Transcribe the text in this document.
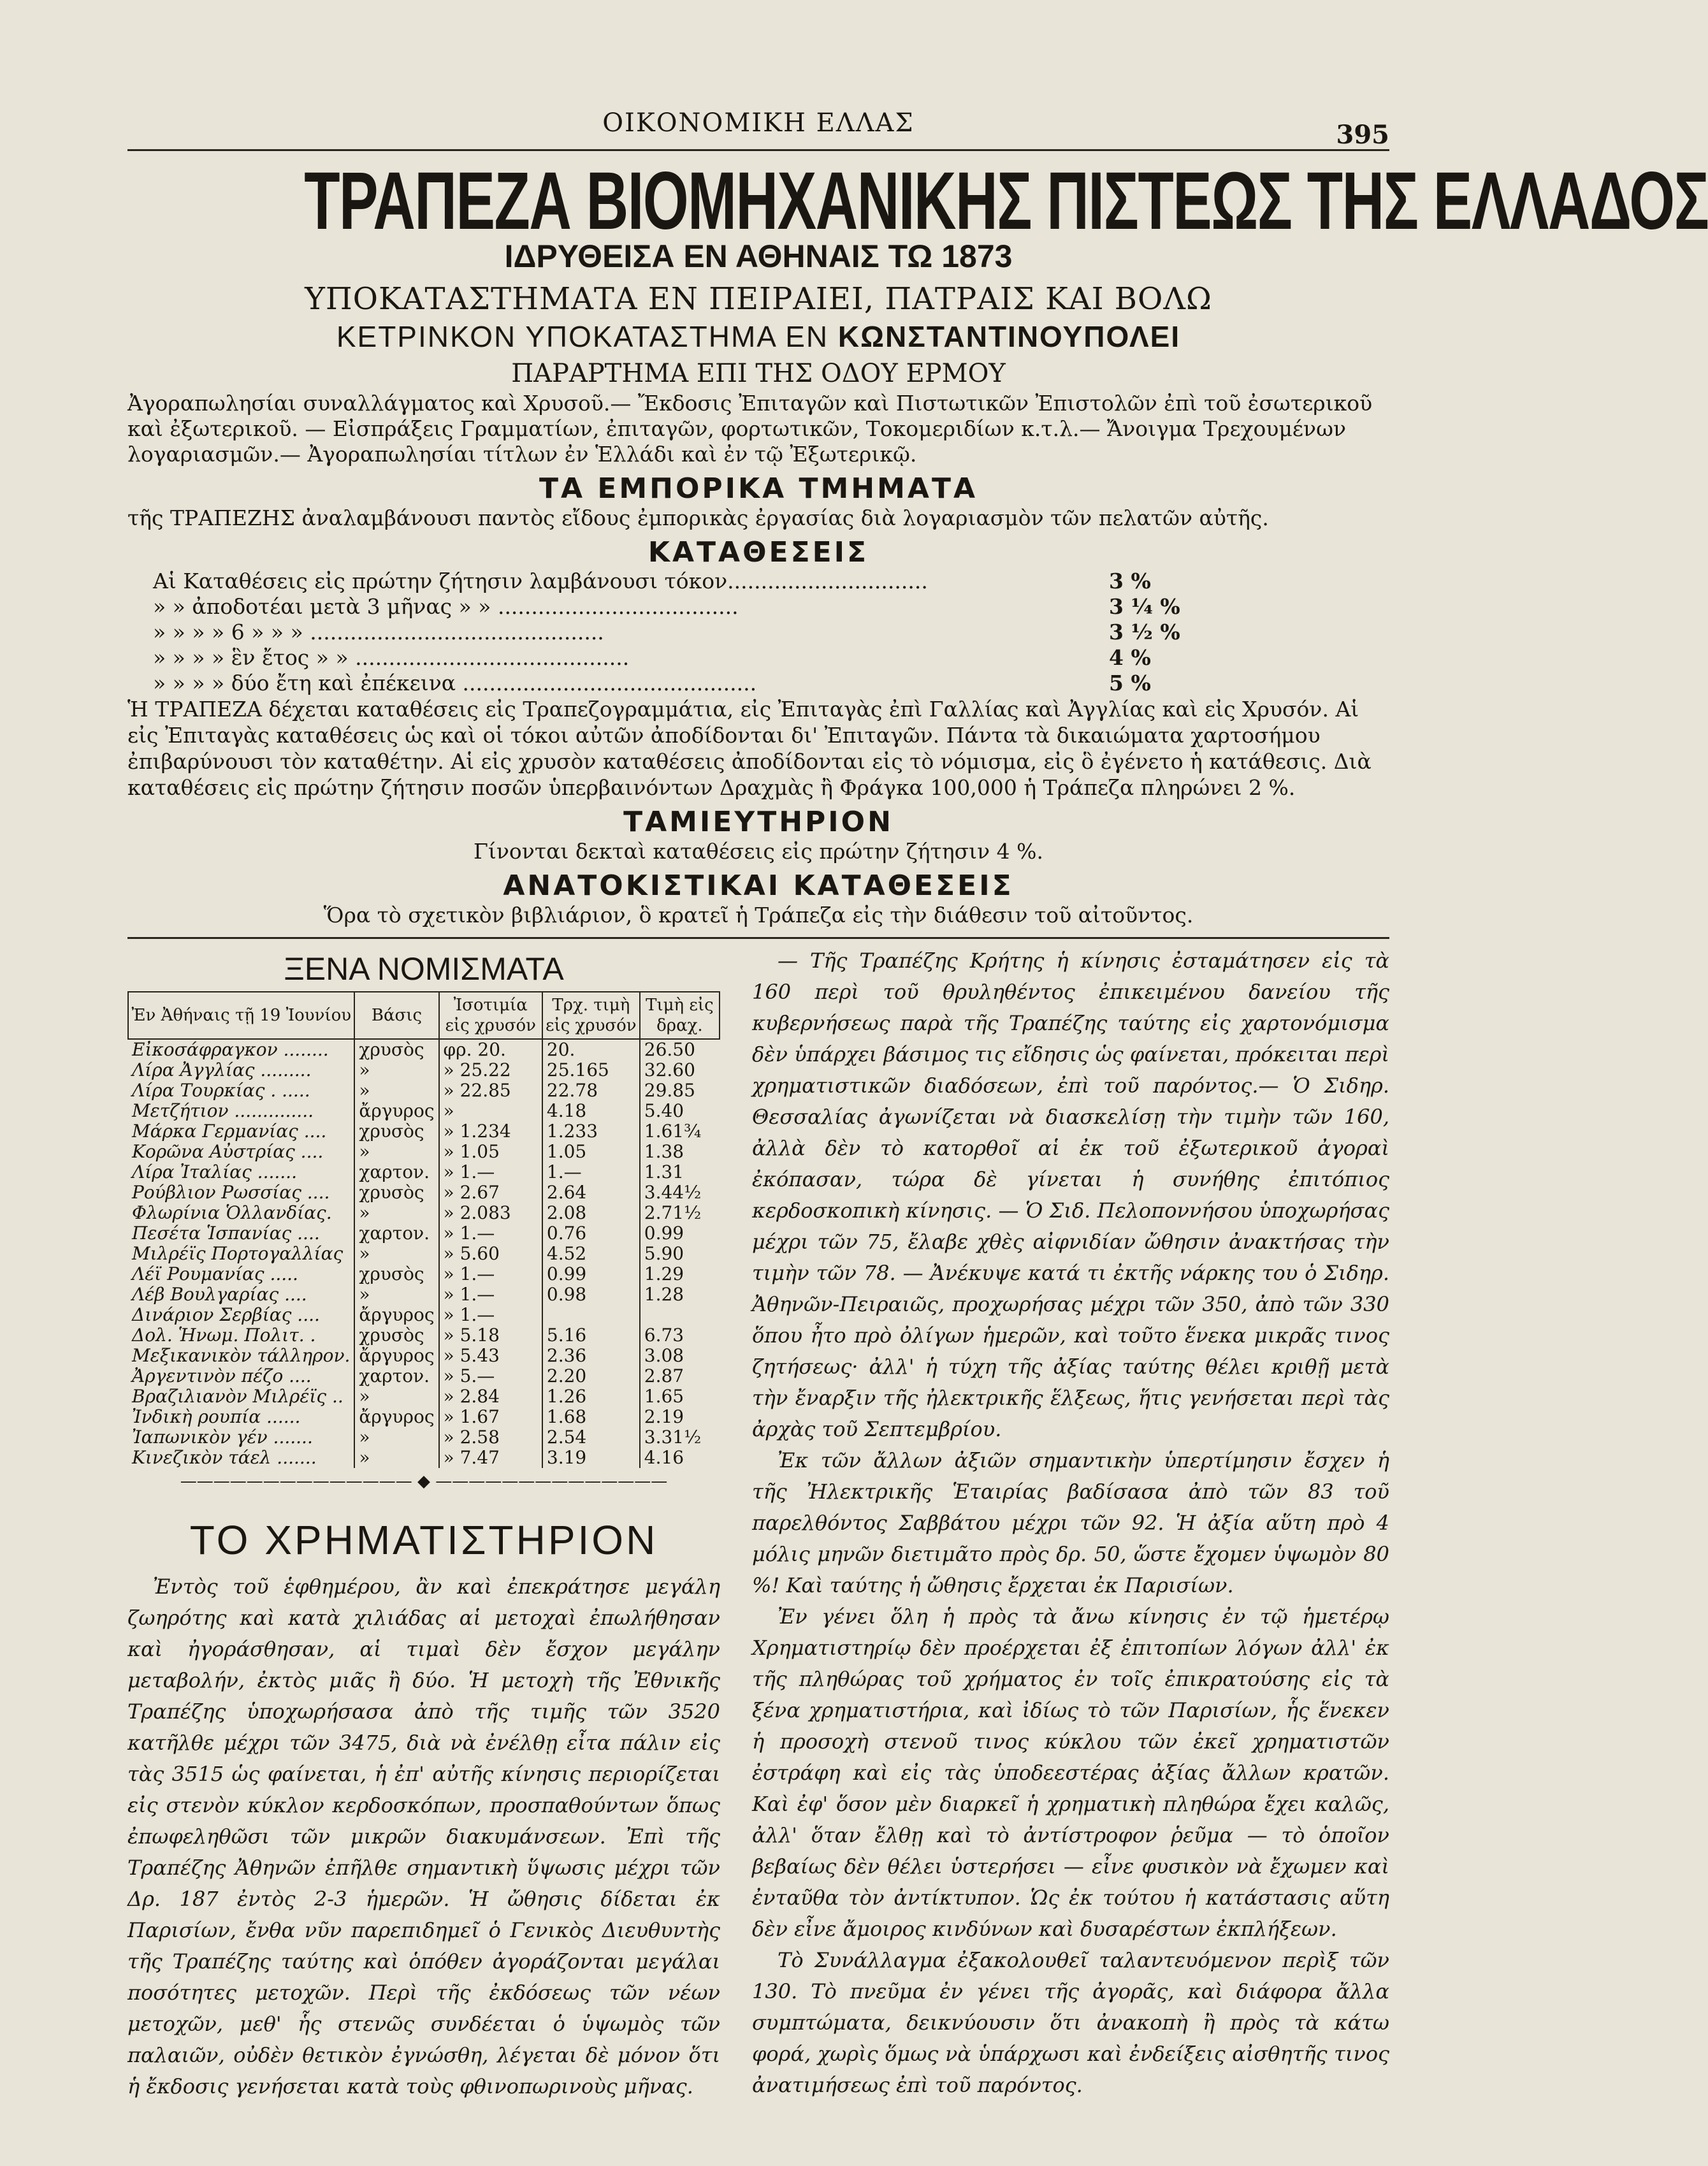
ΟΙΚΟΝΟΜΙΚΗ ΕΛΛΑΣ	395
ΤΡΑΠΕΖΑ ΒΙΟΜΗΧΑΝΙΚΗΣ ΠΙΣΤΕΩΣ ΤΗΣ ΕΛΛΑΔΟΣ
ΙΔΡΥΘΕΙΣΑ ΕΝ ΑΘΗΝΑΙΣ ΤΩ 1873
ΥΠΟΚΑΤΑΣΤΗΜΑΤΑ ΕΝ ΠΕΙΡΑΙΕΙ, ΠΑΤΡΑΙΣ ΚΑΙ ΒΟΛΩ
ΚΕΤΡΙΝΚΟΝ ΥΠΟΚΑΤΑΣΤΗΜΑ ΕΝ ΚΩΝΣΤΑΝΤΙΝΟΥΠΟΛΕΙ
ΠΑΡΑΡΤΗΜΑ ΕΠΙ ΤΗΣ ΟΔΟΥ ΕΡΜΟΥ
Ἀγοραπωλησίαι συναλλάγματος καὶ Χρυσοῦ.— Ἔκδοσις Ἐπιταγῶν καὶ Πιστωτικῶν Ἐπιστολῶν ἐπὶ τοῦ ἐσωτερικοῦ καὶ ἐξωτερικοῦ. — Εἰσπράξεις Γραμματίων, ἐπιταγῶν, φορτωτικῶν, Τοκομεριδίων κ.τ.λ.— Ἄνοιγμα Τρεχουμένων λογαριασμῶν.— Ἀγοραπωλησίαι τίτλων ἐν Ἑλλάδι καὶ ἐν τῷ Ἐξωτερικῷ.
ΤΑ ΕΜΠΟΡΙΚΑ ΤΜΗΜΑΤΑ
τῆς ΤΡΑΠΕΖΗΣ ἀναλαμβάνουσι παντὸς εἴδους ἐμπορικὰς ἐργασίας διὰ λογαριασμὸν τῶν πελατῶν αὐτῆς.
ΚΑΤΑΘΕΣΕΙΣ
Αἱ Καταθέσεις εἰς πρώτην ζήτησιν λαμβάνουσι τόκον..............................	3 %
» » ἀποδοτέαι μετὰ 3 μῆνας » » ....................................	3 ¼ %
» » » » 6 » » » ............................................	3 ½ %
» » » » ἓν ἔτος » » .........................................	4 %
» » » » δύο ἔτη καὶ ἐπέκεινα ............................................	5 %
Ἡ ΤΡΑΠΕΖΑ δέχεται καταθέσεις εἰς Τραπεζογραμμάτια, εἰς Ἐπιταγὰς ἐπὶ Γαλλίας καὶ Ἀγγλίας καὶ εἰς Χρυσόν. Αἱ εἰς Ἐπιταγὰς καταθέσεις ὡς καὶ οἱ τόκοι αὐτῶν ἀποδίδονται δι' Ἐπιταγῶν. Πάντα τὰ δικαιώματα χαρτοσήμου ἐπιβαρύνουσι τὸν καταθέτην. Αἱ εἰς χρυσὸν καταθέσεις ἀποδίδονται εἰς τὸ νόμισμα, εἰς ὃ ἐγένετο ἡ κατάθεσις. Διὰ καταθέσεις εἰς πρώτην ζήτησιν ποσῶν ὑπερβαινόντων Δραχμὰς ἢ Φράγκα 100,000 ἡ Τράπεζα πληρώνει 2 %.
ΤΑΜΙΕΥΤΗΡΙΟΝ
Γίνονται δεκταὶ καταθέσεις εἰς πρώτην ζήτησιν 4 %.
ΑΝΑΤΟΚΙΣΤΙΚΑΙ ΚΑΤΑΘΕΣΕΙΣ
Ὅρα τὸ σχετικὸν βιβλιάριον, ὃ κρατεῖ ἡ Τράπεζα εἰς τὴν διάθεσιν τοῦ αἰτοῦντος.
ΞΕΝΑ ΝΟΜΙΣΜΑΤΑ
Ἐν Ἀθήναις τῇ 19 Ἰουνίου	Βάσις	Ἰσοτιμία εἰς χρυσόν	Τρχ. τιμὴ εἰς χρυσόν	Τιμὴ εἰς δραχ.
Εἰκοσάφραγκον ........	χρυσὸς	φρ. 20.	20.	26.50
Λίρα Ἀγγλίας .........	»	» 25.22	25.165	32.60
Λίρα Τουρκίας . .....	»	» 22.85	22.78	29.85
Μετζήτιον ..............	ἄργυρος	»	4.18	5.40
Μάρκα Γερμανίας ....	χρυσὸς	» 1.234	1.233	1.61¾
Κορῶνα Αὐστρίας ....	»	» 1.05	1.05	1.38
Λίρα Ἰταλίας .......	χαρτον.	» 1.—	1.—	1.31
Ρούβλιον Ρωσσίας ....	χρυσὸς	» 2.67	2.64	3.44½
Φλωρίνια Ὁλλανδίας.	»	» 2.083	2.08	2.71½
Πεσέτα Ἱσπανίας ....	χαρτον.	» 1.—	0.76	0.99
Μιλρέϊς Πορτογαλλίας	»	» 5.60	4.52	5.90
Λέϊ Ρουμανίας .....	χρυσὸς	» 1.—	0.99	1.29
Λέβ Βουλγαρίας ....	»	» 1.—	0.98	1.28
Δινάριον Σερβίας ....	ἄργυρος	» 1.—		
Δολ. Ἡνωμ. Πολιτ. .	χρυσὸς	» 5.18	5.16	6.73
Μεξικανικὸν τάλληρον.	ἄργυρος	» 5.43	2.36	3.08
Ἀργεντινὸν πέζο ....	χαρτον.	» 5.—	2.20	2.87
Βραζιλιανὸν Μιλρέϊς ..	»	» 2.84	1.26	1.65
Ἰνδικὴ ρουπία ......	ἄργυρος	» 1.67	1.68	2.19
Ἰαπωνικὸν γέν .......	»	» 2.58	2.54	3.31½
Κινεζικὸν τάελ .......	»	» 7.47	3.19	4.16
—————————————— ◆ ——————————————
ΤΟ ΧΡΗΜΑΤΙΣΤΗΡΙΟΝ

Ἐντὸς τοῦ ἑφθημέρου, ἂν καὶ ἐπεκράτησε μεγάλη ζωηρότης καὶ κατὰ χιλιάδας αἱ μετοχαὶ ἐπωλήθησαν καὶ ἠγοράσθησαν, αἱ τιμαὶ δὲν ἔσχον μεγάλην μεταβολήν, ἐκτὸς μιᾶς ἢ δύο. Ἡ μετοχὴ τῆς Ἐθνικῆς Τραπέζης ὑποχωρήσασα ἀπὸ τῆς τιμῆς τῶν 3520 κατῆλθε μέχρι τῶν 3475, διὰ νὰ ἐνέλθῃ εἶτα πάλιν εἰς τὰς 3515 ὡς φαίνεται, ἡ ἐπ' αὐτῆς κίνησις περιορίζεται εἰς στενὸν κύκλον κερδοσκόπων, προσπαθούντων ὅπως ἐπωφεληθῶσι τῶν μικρῶν διακυμάνσεων. Ἐπὶ τῆς Τραπέζης Ἀθηνῶν ἐπῆλθε σημαντικὴ ὕψωσις μέχρι τῶν Δρ. 187 ἐντὸς 2-3 ἡμερῶν. Ἡ ὤθησις δίδεται ἐκ Παρισίων, ἔνθα νῦν παρεπιδημεῖ ὁ Γενικὸς Διευθυντὴς τῆς Τραπέζης ταύτης καὶ ὁπόθεν ἀγοράζονται μεγάλαι ποσότητες μετοχῶν. Περὶ τῆς ἐκδόσεως τῶν νέων μετοχῶν, μεθ' ἧς στενῶς συνδέεται ὁ ὑψωμὸς τῶν παλαιῶν, οὐδὲν θετικὸν ἐγνώσθη, λέγεται δὲ μόνον ὅτι ἡ ἔκδοσις γενήσεται κατὰ τοὺς φθινοπωρινοὺς μῆνας.

— Τῆς Τραπέζης Κρήτης ἡ κίνησις ἐσταμάτησεν εἰς τὰ 160 περὶ τοῦ θρυληθέντος ἐπικειμένου δανείου τῆς κυβερνήσεως παρὰ τῆς Τραπέζης ταύτης εἰς χαρτονόμισμα δὲν ὑπάρχει βάσιμος τις εἴδησις ὡς φαίνεται, πρόκειται περὶ χρηματιστικῶν διαδόσεων, ἐπὶ τοῦ παρόντος.— Ὁ Σιδηρ. Θεσσαλίας ἀγωνίζεται νὰ διασκελίσῃ τὴν τιμὴν τῶν 160, ἀλλὰ δὲν τὸ κατορθοῖ αἱ ἐκ τοῦ ἐξωτερικοῦ ἀγοραὶ ἐκόπασαν, τώρα δὲ γίνεται ἡ συνήθης ἐπιτόπιος κερδοσκοπικὴ κίνησις. — Ὁ Σιδ. Πελοποννήσου ὑποχωρήσας μέχρι τῶν 75, ἔλαβε χθὲς αἰφνιδίαν ὤθησιν ἀνακτήσας τὴν τιμὴν τῶν 78. — Ἀνέκυψε κατά τι ἐκτῆς νάρκης του ὁ Σιδηρ. Ἀθηνῶν-Πειραιῶς, προχωρήσας μέχρι τῶν 350, ἀπὸ τῶν 330 ὅπου ἦτο πρὸ ὀλίγων ἡμερῶν, καὶ τοῦτο ἕνεκα μικρᾶς τινος ζητήσεως· ἀλλ' ἡ τύχη τῆς ἀξίας ταύτης θέλει κριθῇ μετὰ τὴν ἔναρξιν τῆς ἠλεκτρικῆς ἕλξεως, ἥτις γενήσεται περὶ τὰς ἀρχὰς τοῦ Σεπτεμβρίου.

Ἐκ τῶν ἄλλων ἀξιῶν σημαντικὴν ὑπερτίμησιν ἔσχεν ἡ τῆς Ἠλεκτρικῆς Ἑταιρίας βαδίσασα ἀπὸ τῶν 83 τοῦ παρελθόντος Σαββάτου μέχρι τῶν 92. Ἡ ἀξία αὕτη πρὸ 4 μόλις μηνῶν διετιμᾶτο πρὸς δρ. 50, ὥστε ἔχομεν ὑψωμὸν 80 %! Καὶ ταύτης ἡ ὤθησις ἔρχεται ἐκ Παρισίων.

Ἐν γένει ὅλη ἡ πρὸς τὰ ἄνω κίνησις ἐν τῷ ἡμετέρῳ Χρηματιστηρίῳ δὲν προέρχεται ἐξ ἐπιτοπίων λόγων ἀλλ' ἐκ τῆς πληθώρας τοῦ χρήματος ἐν τοῖς ἐπικρατούσης εἰς τὰ ξένα χρηματιστήρια, καὶ ἰδίως τὸ τῶν Παρισίων, ἧς ἕνεκεν ἡ προσοχὴ στενοῦ τινος κύκλου τῶν ἐκεῖ χρηματιστῶν ἐστράφη καὶ εἰς τὰς ὑποδεεστέρας ἀξίας ἄλλων κρατῶν. Καὶ ἐφ' ὅσον μὲν διαρκεῖ ἡ χρηματικὴ πληθώρα ἔχει καλῶς, ἀλλ' ὅταν ἔλθῃ καὶ τὸ ἀντίστροφον ῥεῦμα — τὸ ὁποῖον βεβαίως δὲν θέλει ὑστερήσει — εἶνε φυσικὸν νὰ ἔχωμεν καὶ ἐνταῦθα τὸν ἀντίκτυπον. Ὡς ἐκ τούτου ἡ κατάστασις αὕτη δὲν εἶνε ἄμοιρος κινδύνων καὶ δυσαρέστων ἐκπλήξεων.

Τὸ Συνάλλαγμα ἐξακολουθεῖ ταλαντευόμενον περὶξ τῶν 130. Τὸ πνεῦμα ἐν γένει τῆς ἀγορᾶς, καὶ διάφορα ἄλλα συμπτώματα, δεικνύουσιν ὅτι ἀνακοπὴ ἢ πρὸς τὰ κάτω φορά, χωρὶς ὅμως νὰ ὑπάρχωσι καὶ ἐνδείξεις αἰσθητῆς τινος ἀνατιμήσεως ἐπὶ τοῦ παρόντος.
